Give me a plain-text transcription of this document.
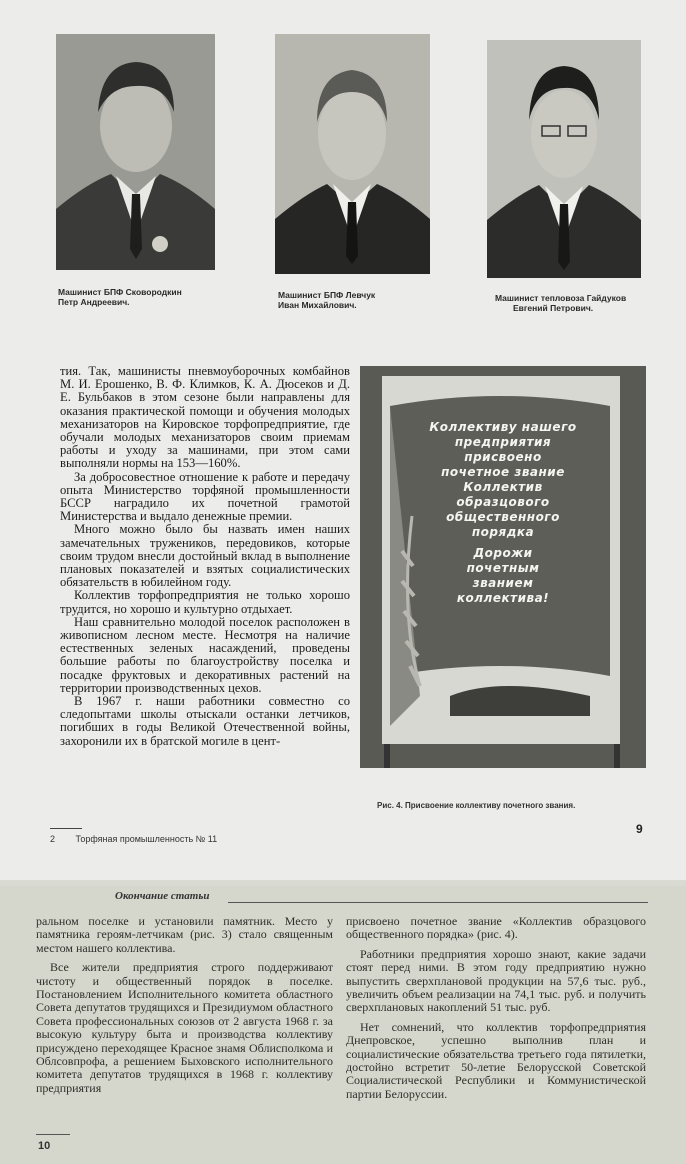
Машинист БПФ Сковородкин
Петр Андреевич.
Машинист БПФ Левчук
Иван Михайлович.
Машинист тепловоза Гайдуков
Евгений Петрович.

тия. Так, машинисты пневмоуборочных комбайнов М. И. Ерошенко, В. Ф. Климков, К. А. Дюсеков и Д. Е. Бульбаков в этом сезоне были направлены для оказания практической помощи и обучения молодых механизаторов на Кировское торфопредприятие, где обучали молодых механизаторов своим приемам работы и уходу за машинами, при этом сами выполняли нормы на 153—160%.

За добросовестное отношение к работе и передачу опыта Министерство торфяной промышленности БССР наградило их почетной грамотой Министерства и выдало денежные премии.

Много можно было бы назвать имен наших замечательных тружеников, передовиков, которые своим трудом внесли достойный вклад в выполнение плановых показателей и взятых социалистических обязательств в юбилейном году.

Коллектив торфопредприятия не только хорошо трудится, но хорошо и культурно отдыхает.

Наш сравнительно молодой поселок расположен в живописном лесном месте. Несмотря на наличие естественных зеленых насаждений, проведены большие работы по благоустройству поселка и посадке фруктовых и декоративных растений на территории производственных цехов.

В 1967 г. наши работники совместно со следопытами школы отыскали останки летчиков, погибших в годы Великой Отечественной войны, захоронили их в братской могиле в цент-

Коллективу нашего
предприятия
присвоено
почетное звание
Коллектив
образцового
общественного
порядка
Дорожи
почетным
званием
коллектива!
Рис. 4. Присвоение коллективу почетного звания.
2 Торфяная промышленность № 11
9
Окончание статьи

ральном поселке и установили памятник. Место у памятника героям-летчикам (рис. 3) стало священным местом нашего коллектива.

Все жители предприятия строго поддерживают чистоту и общественный порядок в поселке. Постановлением Исполнительного комитета областного Совета депутатов трудящихся и Президиумом областного Совета профессиональных союзов от 2 августа 1968 г. за высокую культуру быта и производства коллективу присуждено переходящее Красное знамя Облисполкома и Облсовпрофа, а решением Быховского исполнительного комитета депутатов трудящихся в 1968 г. коллективу предприятия

присвоено почетное звание «Коллектив образцового общественного порядка» (рис. 4).

Работники предприятия хорошо знают, какие задачи стоят перед ними. В этом году предприятию нужно выпустить сверхплановой продукции на 57,6 тыс. руб., увеличить объем реализации на 74,1 тыс. руб. и получить сверхплановых накоплений 51 тыс. руб.

Нет сомнений, что коллектив торфопредприятия Днепровское, успешно выполнив план и социалистические обязательства третьего года пятилетки, достойно встретит 50-летие Белорусской Советской Социалистической Республики и Коммунистической партии Белоруссии.

10
